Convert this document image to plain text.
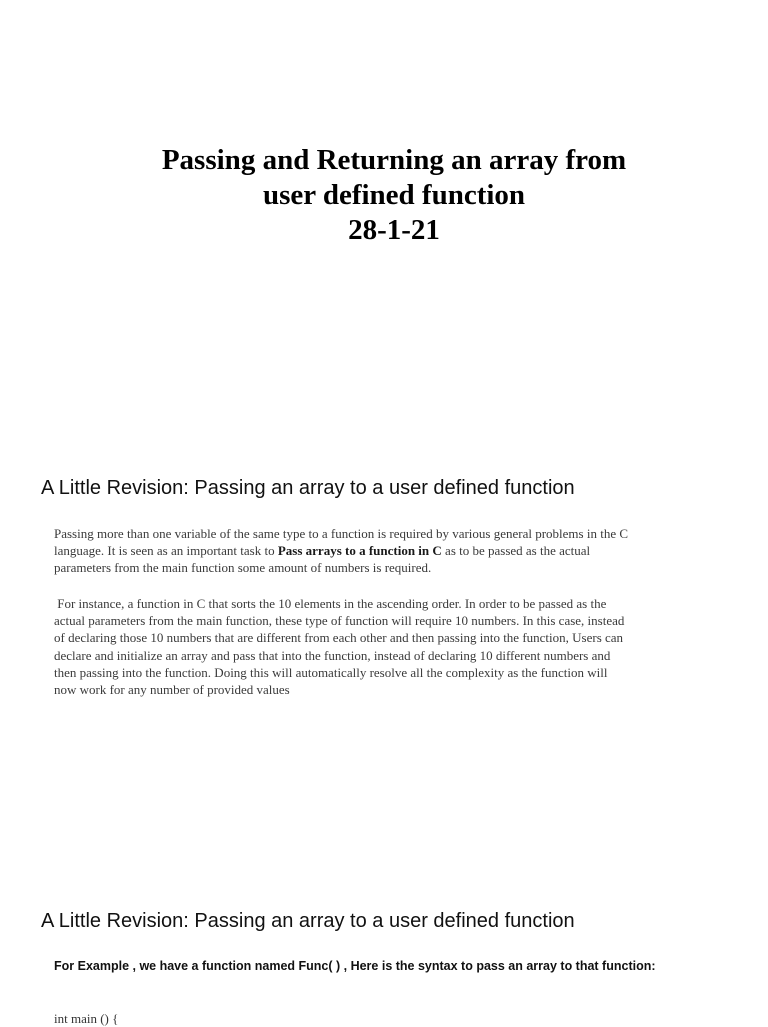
Passing and Returning an array from
user defined function
28-1-21
A Little Revision: Passing an array to a user defined function
Passing more than one variable of the same type to a function is required by various general problems in the C
language. It is seen as an important task to Pass arrays to a function in C as to be passed as the actual
parameters from the main function some amount of numbers is required.
For instance, a function in C that sorts the 10 elements in the ascending order. In order to be passed as the
actual parameters from the main function, these type of function will require 10 numbers. In this case, instead
of declaring those 10 numbers that are different from each other and then passing into the function, Users can
declare and initialize an array and pass that into the function, instead of declaring 10 different numbers and
then passing into the function. Doing this will automatically resolve all the complexity as the function will
now work for any number of provided values
A Little Revision: Passing an array to a user defined function
For Example , we have a function named Func( ) , Here is the syntax to pass an array to that function:
int main () {
